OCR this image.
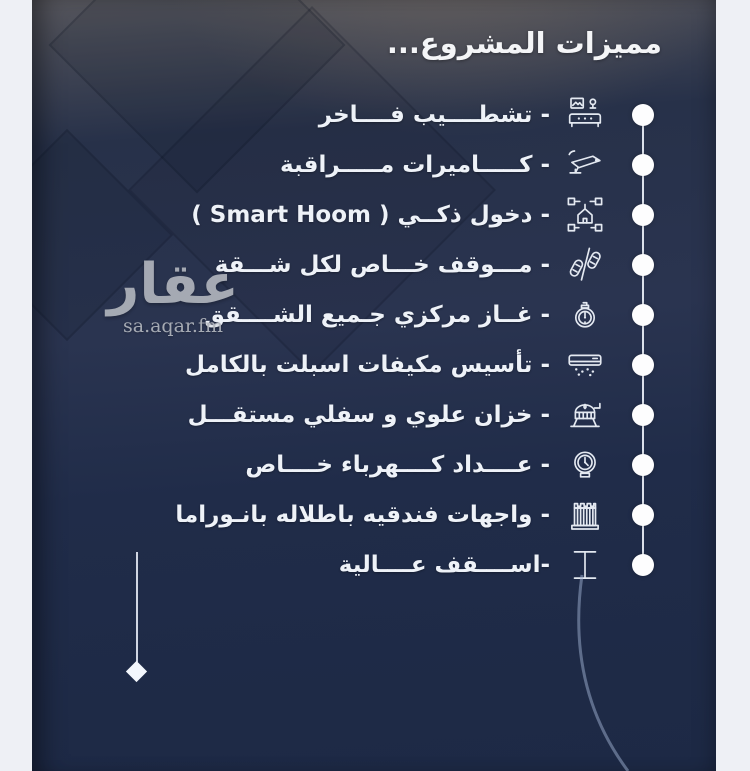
مميزات المشروع...
- تشطــــيب فــــاخر
- كـــــاميرات مـــــراقبة
- دخول ذكــي ( Smart Hoom )
- مـــوقف خـــاص لكل شـــقة
- غــاز مركزي جـميع الشــــقق
- تأسيس مكيفات اسبلت بالكامل
- خزان علوي و سفلي مستقـــل
- عــــداد كــــهرباء خــــاص
- واجهات فندقيه باطلاله بانـوراما
-اســــقف عــــالية
عقار
sa.aqar.fm
